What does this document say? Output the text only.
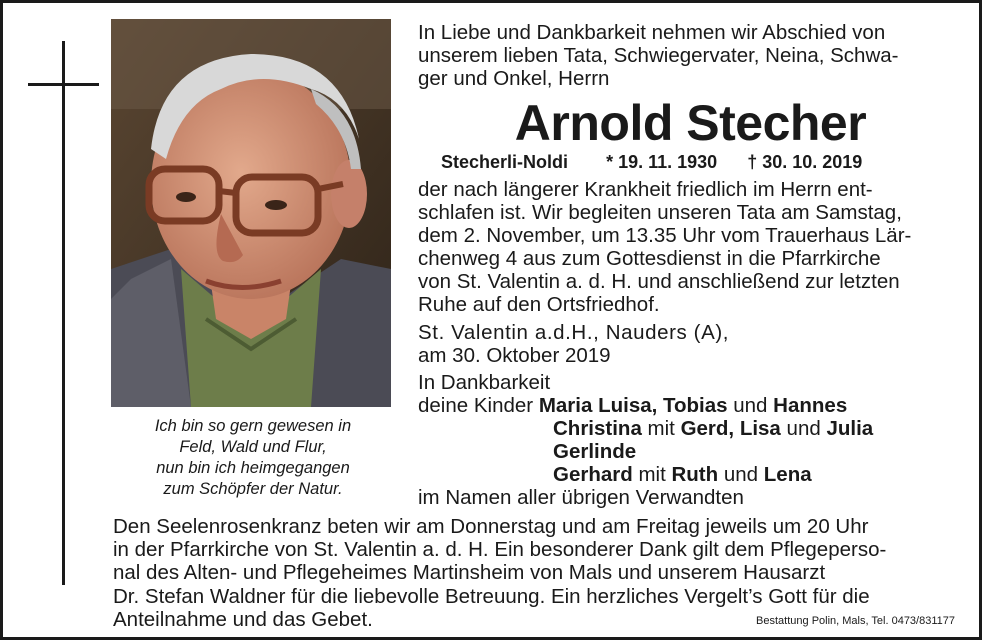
Ich bin so gern gewesen in
Feld, Wald und Flur,
nun bin ich heimgegangen
zum Schöpfer der Natur.
In Liebe und Dankbarkeit nehmen wir Abschied von
unserem lieben Tata, Schwiegervater, Neina, Schwa-
ger und Onkel, Herrn
Arnold Stecher
Stecherli-Noldi * 19. 11. 1930 † 30. 10. 2019
der nach längerer Krankheit friedlich im Herrn ent-
schlafen ist. Wir begleiten unseren Tata am Samstag,
dem 2. November, um 13.35 Uhr vom Trauerhaus Lär-
chenweg 4 aus zum Gottesdienst in die Pfarrkirche
von St. Valentin a. d. H. und anschließend zur letzten
Ruhe auf den Ortsfriedhof.
St. Valentin a.d.H., Nauders (A),
am 30. Oktober 2019
In Dankbarkeit
deine Kinder Maria Luisa, Tobias und Hannes
Christina mit Gerd, Lisa und Julia
Gerlinde
Gerhard mit Ruth und Lena
im Namen aller übrigen Verwandten
Den Seelenrosenkranz beten wir am Donnerstag und am Freitag jeweils um 20 Uhr
in der Pfarrkirche von St. Valentin a. d. H. Ein besonderer Dank gilt dem Pflegeperso-
nal des Alten- und Pflegeheimes Martinsheim von Mals und unserem Hausarzt
Dr. Stefan Waldner für die liebevolle Betreuung. Ein herzliches Vergelt’s Gott für die
Anteilnahme und das Gebet.	Bestattung Polin, Mals, Tel. 0473/831177
